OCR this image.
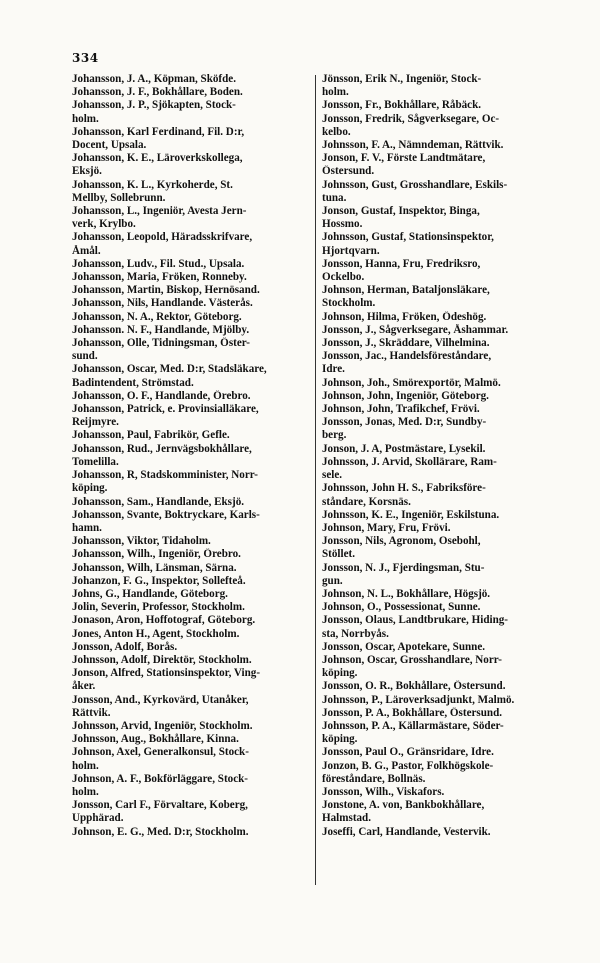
334
Johansson, J. A., Köpman, Sköfde.
Johansson, J. F., Bokhållare, Boden.
Johansson, J. P., Sjökapten, Stock-
holm.
Johansson, Karl Ferdinand, Fil. D:r,
Docent, Upsala.
Johansson, K. E., Läroverkskollega,
Eksjö.
Johansson, K. L., Kyrkoherde, St.
Mellby, Sollebrunn.
Johansson, L., Ingeniör, Avesta Jern-
verk, Krylbo.
Johansson, Leopold, Häradsskrifvare,
Åmål.
Johansson, Ludv., Fil. Stud., Upsala.
Johansson, Maria, Fröken, Ronneby.
Johansson, Martin, Biskop, Hernösand.
Johansson, Nils, Handlande. Västerås.
Johansson, N. A., Rektor, Göteborg.
Johansson. N. F., Handlande, Mjölby.
Johansson, Olle, Tidningsman, Öster-
sund.
Johansson, Oscar, Med. D:r, Stadsläkare,
Badintendent, Strömstad.
Johansson, O. F., Handlande, Örebro.
Johansson, Patrick, e. Provinsialläkare,
Reijmyre.
Johansson, Paul, Fabrikör, Gefle.
Johansson, Rud., Jernvägsbokhållare,
Tomelilla.
Johansson, R, Stadskomminister, Norr-
köping.
Johansson, Sam., Handlande, Eksjö.
Johansson, Svante, Boktryckare, Karls-
hamn.
Johansson, Viktor, Tidaholm.
Johansson, Wilh., Ingeniör, Örebro.
Johansson, Wilh, Länsman, Särna.
Johanzon, F. G., Inspektor, Sollefteå.
Johns, G., Handlande, Göteborg.
Jolin, Severin, Professor, Stockholm.
Jonason, Aron, Hoffotograf, Göteborg.
Jones, Anton H., Agent, Stockholm.
Jonsson, Adolf, Borås.
Johnsson, Adolf, Direktör, Stockholm.
Jonson, Alfred, Stationsinspektor, Ving-
åker.
Jonsson, And., Kyrkovärd, Utanåker,
Rättvik.
Johnsson, Arvid, Ingeniör, Stockholm.
Johnsson, Aug., Bokhållare, Kinna.
Johnson, Axel, Generalkonsul, Stock-
holm.
Johnson, A. F., Bokförläggare, Stock-
holm.
Jonsson, Carl F., Förvaltare, Koberg,
Upphärad.
Johnson, E. G., Med. D:r, Stockholm.
Jönsson, Erik N., Ingeniör, Stock-
holm.
Jonsson, Fr., Bokhållare, Råbäck.
Jonsson, Fredrik, Sågverksegare, Oc-
kelbo.
Johnsson, F. A., Nämndeman, Rättvik.
Jonson, F. V., Förste Landtmätare,
Östersund.
Johnsson, Gust, Grosshandlare, Eskils-
tuna.
Jonson, Gustaf, Inspektor, Binga,
Hossmo.
Johnsson, Gustaf, Stationsinspektor,
Hjortqvarn.
Jonsson, Hanna, Fru, Fredriksro,
Ockelbo.
Johnson, Herman, Bataljonsläkare,
Stockholm.
Johnson, Hilma, Fröken, Ödeshög.
Jonsson, J., Sågverksegare, Åshammar.
Jonsson, J., Skräddare, Vilhelmina.
Jonsson, Jac., Handelsföreståndare,
Idre.
Johnson, Joh., Smörexportör, Malmö.
Johnson, John, Ingeniör, Göteborg.
Johnson, John, Trafikchef, Frövi.
Jonsson, Jonas, Med. D:r, Sundby-
berg.
Jonson, J. A, Postmästare, Lysekil.
Johnsson, J. Arvid, Skollärare, Ram-
sele.
Johnsson, John H. S., Fabriksföre-
ståndare, Korsnäs.
Johnsson, K. E., Ingeniör, Eskilstuna.
Johnson, Mary, Fru, Frövi.
Jonsson, Nils, Agronom, Osebohl,
Stöllet.
Jonsson, N. J., Fjerdingsman, Stu-
gun.
Johnson, N. L., Bokhållare, Högsjö.
Johnson, O., Possessionat, Sunne.
Jonsson, Olaus, Landtbrukare, Hiding-
sta, Norrbyås.
Jonsson, Oscar, Apotekare, Sunne.
Johnson, Oscar, Grosshandlare, Norr-
köping.
Jonsson, O. R., Bokhållare, Östersund.
Johnsson, P., Läroverksadjunkt, Malmö.
Jonsson, P. A., Bokhållare, Östersund.
Johnsson, P. A., Källarmästare, Söder-
köping.
Jonsson, Paul O., Gränsridare, Idre.
Jonzon, B. G., Pastor, Folkhögskole-
föreståndare, Bollnäs.
Jonsson, Wilh., Viskafors.
Jonstone, A. von, Bankbokhållare,
Halmstad.
Joseffi, Carl, Handlande, Vestervik.
